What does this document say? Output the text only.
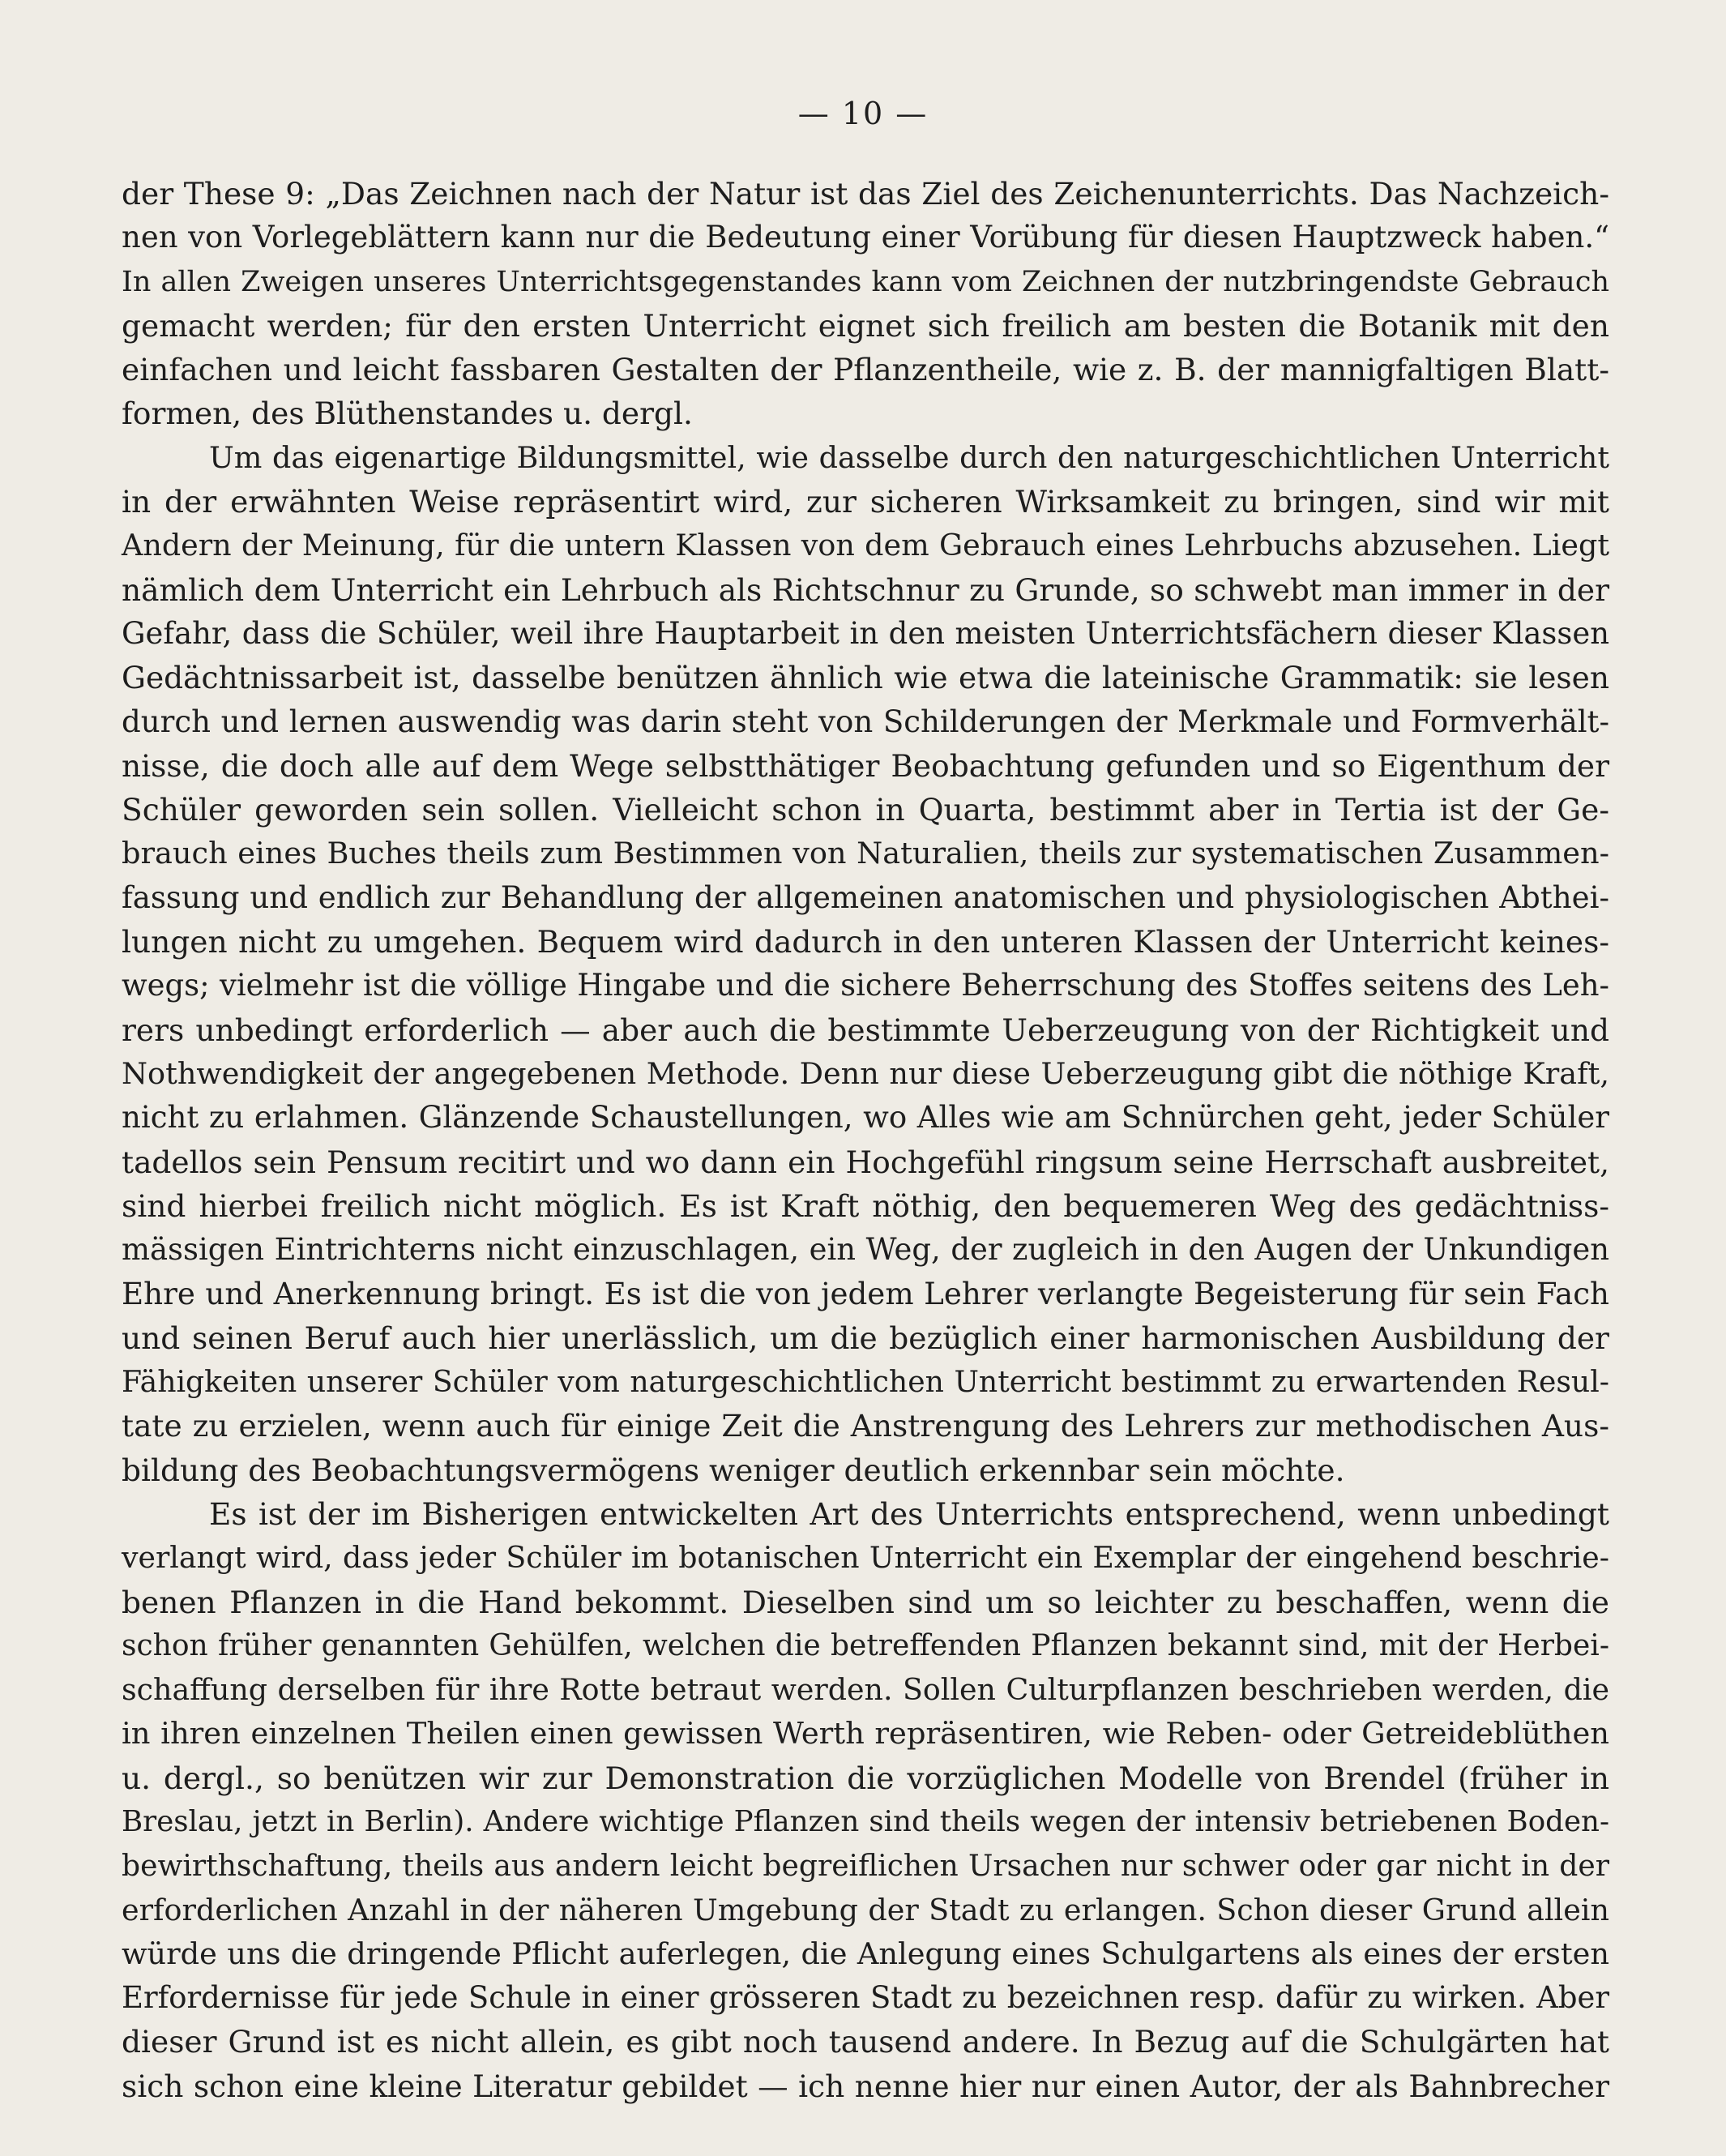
— 10 —
der These 9: „Das Zeichnen nach der Natur ist das Ziel des Zeichenunterrichts. Das Nachzeich-
nen von Vorlegeblättern kann nur die Bedeutung einer Vorübung für diesen Hauptzweck haben.“
In allen Zweigen unseres Unterrichtsgegenstandes kann vom Zeichnen der nutzbringendste Gebrauch
gemacht werden; für den ersten Unterricht eignet sich freilich am besten die Botanik mit den
einfachen und leicht fassbaren Gestalten der Pflanzentheile, wie z. B. der mannigfaltigen Blatt-
formen, des Blüthenstandes u. dergl.
Um das eigenartige Bildungsmittel, wie dasselbe durch den naturgeschichtlichen Unterricht
in der erwähnten Weise repräsentirt wird, zur sicheren Wirksamkeit zu bringen, sind wir mit
Andern der Meinung, für die untern Klassen von dem Gebrauch eines Lehrbuchs abzusehen. Liegt
nämlich dem Unterricht ein Lehrbuch als Richtschnur zu Grunde, so schwebt man immer in der
Gefahr, dass die Schüler, weil ihre Hauptarbeit in den meisten Unterrichtsfächern dieser Klassen
Gedächtnissarbeit ist, dasselbe benützen ähnlich wie etwa die lateinische Grammatik: sie lesen
durch und lernen auswendig was darin steht von Schilderungen der Merkmale und Formverhält-
nisse, die doch alle auf dem Wege selbstthätiger Beobachtung gefunden und so Eigenthum der
Schüler geworden sein sollen. Vielleicht schon in Quarta, bestimmt aber in Tertia ist der Ge-
brauch eines Buches theils zum Bestimmen von Naturalien, theils zur systematischen Zusammen-
fassung und endlich zur Behandlung der allgemeinen anatomischen und physiologischen Abthei-
lungen nicht zu umgehen. Bequem wird dadurch in den unteren Klassen der Unterricht keines-
wegs; vielmehr ist die völlige Hingabe und die sichere Beherrschung des Stoffes seitens des Leh-
rers unbedingt erforderlich — aber auch die bestimmte Ueberzeugung von der Richtigkeit und
Nothwendigkeit der angegebenen Methode. Denn nur diese Ueberzeugung gibt die nöthige Kraft,
nicht zu erlahmen. Glänzende Schaustellungen, wo Alles wie am Schnürchen geht, jeder Schüler
tadellos sein Pensum recitirt und wo dann ein Hochgefühl ringsum seine Herrschaft ausbreitet,
sind hierbei freilich nicht möglich. Es ist Kraft nöthig, den bequemeren Weg des gedächtniss-
mässigen Eintrichterns nicht einzuschlagen, ein Weg, der zugleich in den Augen der Unkundigen
Ehre und Anerkennung bringt. Es ist die von jedem Lehrer verlangte Begeisterung für sein Fach
und seinen Beruf auch hier unerlässlich, um die bezüglich einer harmonischen Ausbildung der
Fähigkeiten unserer Schüler vom naturgeschichtlichen Unterricht bestimmt zu erwartenden Resul-
tate zu erzielen, wenn auch für einige Zeit die Anstrengung des Lehrers zur methodischen Aus-
bildung des Beobachtungsvermögens weniger deutlich erkennbar sein möchte.
Es ist der im Bisherigen entwickelten Art des Unterrichts entsprechend, wenn unbedingt
verlangt wird, dass jeder Schüler im botanischen Unterricht ein Exemplar der eingehend beschrie-
benen Pflanzen in die Hand bekommt. Dieselben sind um so leichter zu beschaffen, wenn die
schon früher genannten Gehülfen, welchen die betreffenden Pflanzen bekannt sind, mit der Herbei-
schaffung derselben für ihre Rotte betraut werden. Sollen Culturpflanzen beschrieben werden, die
in ihren einzelnen Theilen einen gewissen Werth repräsentiren, wie Reben- oder Getreideblüthen
u. dergl., so benützen wir zur Demonstration die vorzüglichen Modelle von Brendel (früher in
Breslau, jetzt in Berlin). Andere wichtige Pflanzen sind theils wegen der intensiv betriebenen Boden-
bewirthschaftung, theils aus andern leicht begreiflichen Ursachen nur schwer oder gar nicht in der
erforderlichen Anzahl in der näheren Umgebung der Stadt zu erlangen. Schon dieser Grund allein
würde uns die dringende Pflicht auferlegen, die Anlegung eines Schulgartens als eines der ersten
Erfordernisse für jede Schule in einer grösseren Stadt zu bezeichnen resp. dafür zu wirken. Aber
dieser Grund ist es nicht allein, es gibt noch tausend andere. In Bezug auf die Schulgärten hat
sich schon eine kleine Literatur gebildet — ich nenne hier nur einen Autor, der als Bahnbrecher
